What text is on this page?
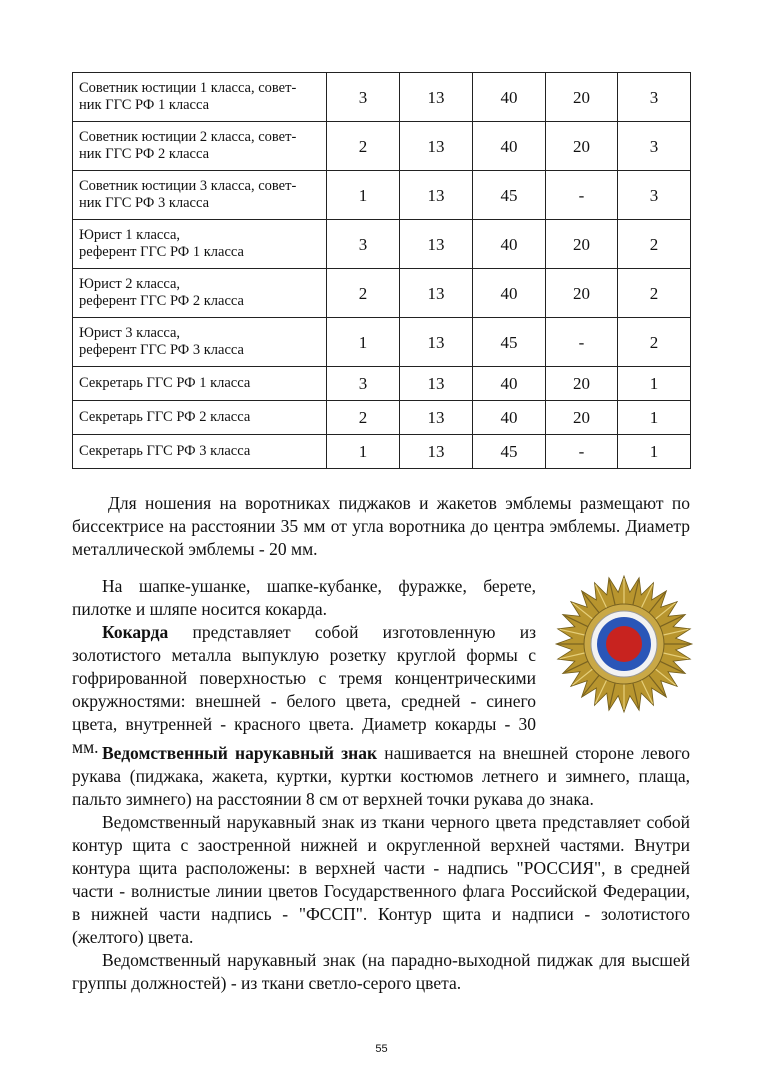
Советник юстиции 1 класса, совет-
ник ГГС РФ 1 класса	3	13	40	20	3
Советник юстиции 2 класса, совет-
ник ГГС РФ 2 класса	2	13	40	20	3
Советник юстиции 3 класса, совет-
ник ГГС РФ 3 класса	1	13	45	-	3
Юрист 1 класса,
референт ГГС РФ 1 класса	3	13	40	20	2
Юрист 2 класса,
референт ГГС РФ 2 класса	2	13	40	20	2
Юрист 3 класса,
референт ГГС РФ 3 класса	1	13	45	-	2
Секретарь ГГС РФ 1 класса	3	13	40	20	1
Секретарь ГГС РФ 2 класса	2	13	40	20	1
Секретарь ГГС РФ 3 класса	1	13	45	-	1

Для ношения на воротниках пиджаков и жакетов эмблемы размещают по биссектрисе на расстоянии 35 мм от угла воротника до центра эмблемы. Диаметр металлической эмблемы - 20 мм.

На шапке-ушанке, шапке-кубанке, фуражке, берете, пилотке и шляпе носится кокарда.

Кокарда представляет собой изготовленную из золотистого металла выпуклую розетку круглой формы с гофрированной поверхностью с тремя концентрическими окружностями: внешней - белого цвета, средней - синего цвета, внутренней - красного цвета. Диаметр кокарды - 30 мм. Ведомственный нарукавный знак нашивается на внешней стороне левого рукава (пиджака, жакета, куртки, куртки костюмов летнего и зимнего, плаща, пальто зимнего) на расстоянии 8 см от верхней точки рукава до знака.

Ведомственный нарукавный знак из ткани черного цвета представляет собой контур щита с заостренной нижней и округленной верхней частями. Внутри контура щита расположены: в верхней части - надпись "РОССИЯ", в средней части - волнистые линии цветов Государственного флага Российской Федерации, в нижней части надпись - "ФССП". Контур щита и надписи - золотистого (желтого) цвета.

Ведомственный нарукавный знак (на парадно-выходной пиджак для высшей группы должностей) - из ткани светло-серого цвета.

55
